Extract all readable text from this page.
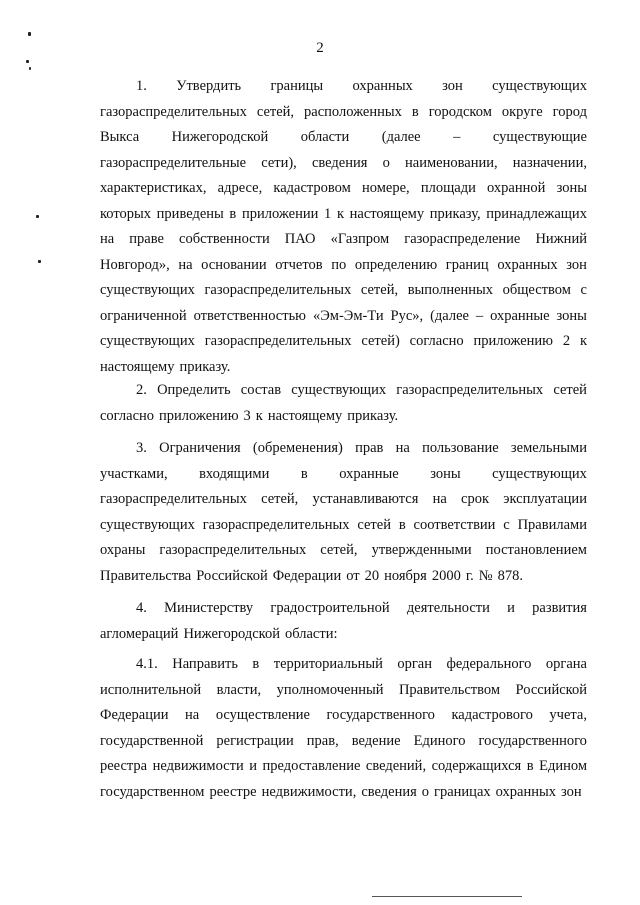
2
1. Утвердить границы охранных зон существующих
газораспределительных сетей, расположенных в городском округе город
Выкса Нижегородской области (далее – существующие
газораспределительные сети), сведения о наименовании, назначении,
характеристиках, адресе, кадастровом номере, площади охранной зоны
которых приведены в приложении 1 к настоящему приказу, принадлежащих
на праве собственности ПАО «Газпром газораспределение Нижний
Новгород», на основании отчетов по определению границ охранных зон
существующих газораспределительных сетей, выполненных обществом с
ограниченной ответственностью «Эм-Эм-Ти Рус», (далее – охранные зоны
существующих газораспределительных сетей) согласно приложению 2 к
настоящему приказу.
2. Определить состав существующих газораспределительных сетей
согласно приложению 3 к настоящему приказу.
3. Ограничения (обременения) прав на пользование земельными
участками, входящими в охранные зоны существующих
газораспределительных сетей, устанавливаются на срок эксплуатации
существующих газораспределительных сетей в соответствии с Правилами
охраны газораспределительных сетей, утвержденными постановлением
Правительства Российской Федерации от 20 ноября 2000 г. № 878.
4. Министерству градостроительной деятельности и развития
агломераций Нижегородской области:
4.1. Направить в территориальный орган федерального органа
исполнительной власти, уполномоченный Правительством Российской
Федерации на осуществление государственного кадастрового учета,
государственной регистрации прав, ведение Единого государственного
реестра недвижимости и предоставление сведений, содержащихся в Едином
государственном реестре недвижимости, сведения о границах охранных зон
